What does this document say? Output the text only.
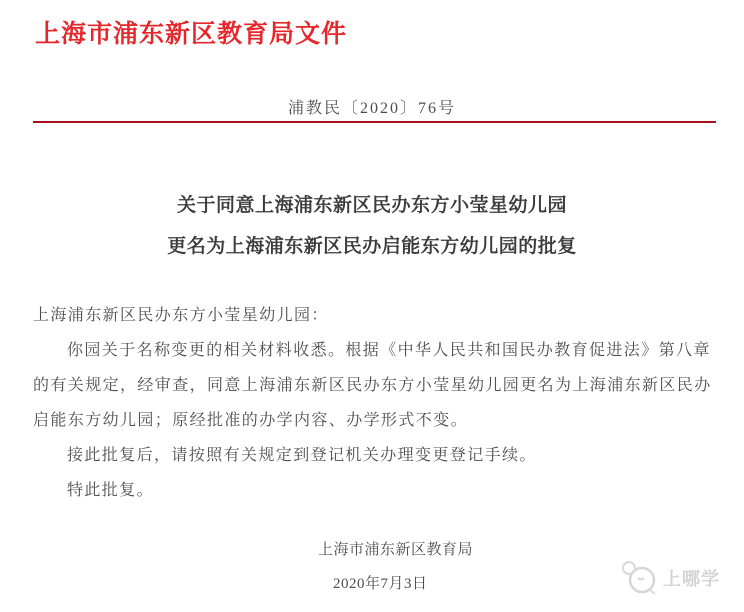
上海市浦东新区教育局文件
浦教民〔2020〕76号
关于同意上海浦东新区民办东方小莹星幼儿园
更名为上海浦东新区民办启能东方幼儿园的批复
上海浦东新区民办东方小莹星幼儿园：
你园关于名称变更的相关材料收悉。根据《中华人民共和国民办教育促进法》第八章
的有关规定，经审查，同意上海浦东新区民办东方小莹星幼儿园更名为上海浦东新区民办
启能东方幼儿园；原经批准的办学内容、办学形式不变。
接此批复后，请按照有关规定到登记机关办理变更登记手续。
特此批复。
上海市浦东新区教育局
2020年7月3日	上哪学
